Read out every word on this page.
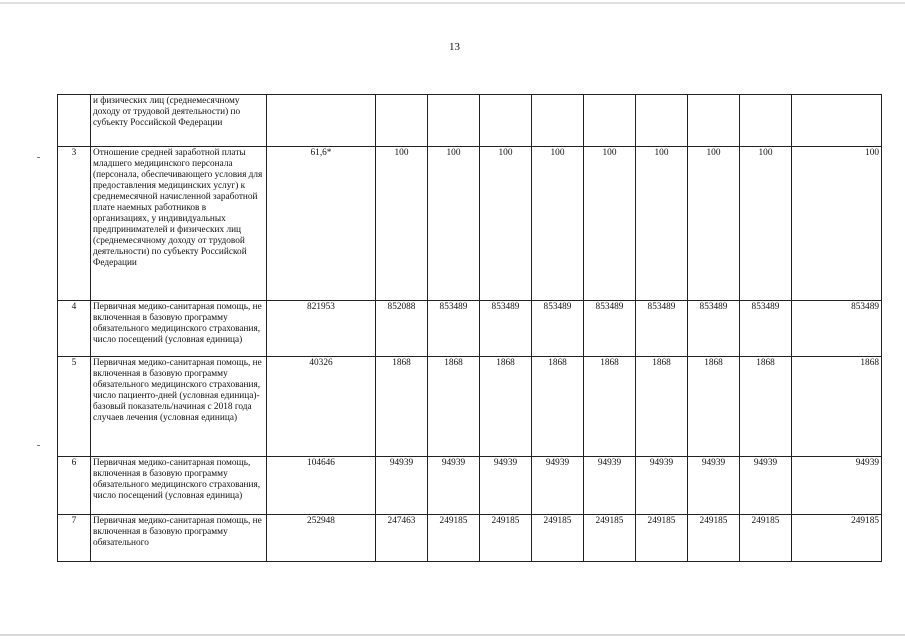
13
	и физических лиц (среднемесячному доходу от трудовой деятельности) по субъекту Российской Федерации										
3	Отношение средней заработной платы младшего медицинского персонала (персонала, обеспечивающего условия для предоставления медицинских услуг) к среднемесячной начисленной заработной плате наемных работников в организациях, у индивидуальных предпринимателей и физических лиц (среднемесячному доходу от трудовой деятельности) по субъекту Российской Федерации	61,6*	100	100	100	100	100	100	100	100	100
4	Первичная медико-санитарная помощь, не включенная в базовую программу обязательного медицинского страхования, число посещений (условная единица)	821953	852088	853489	853489	853489	853489	853489	853489	853489	853489
5	Первичная медико-санитарная помощь, не включенная в базовую программу обязательного медицинского страхования, число пациенто-дней (условная единица)-базовый показатель/начиная с 2018 года случаев лечения (условная единица)	40326	1868	1868	1868	1868	1868	1868	1868	1868	1868
6	Первичная медико-санитарная помощь, включенная в базовую программу обязательного медицинского страхования, число посещений (условная единица)	104646	94939	94939	94939	94939	94939	94939	94939	94939	94939
7	Первичная медико-санитарная помощь, не включенная в базовую программу обязательного	252948	247463	249185	249185	249185	249185	249185	249185	249185	249185
